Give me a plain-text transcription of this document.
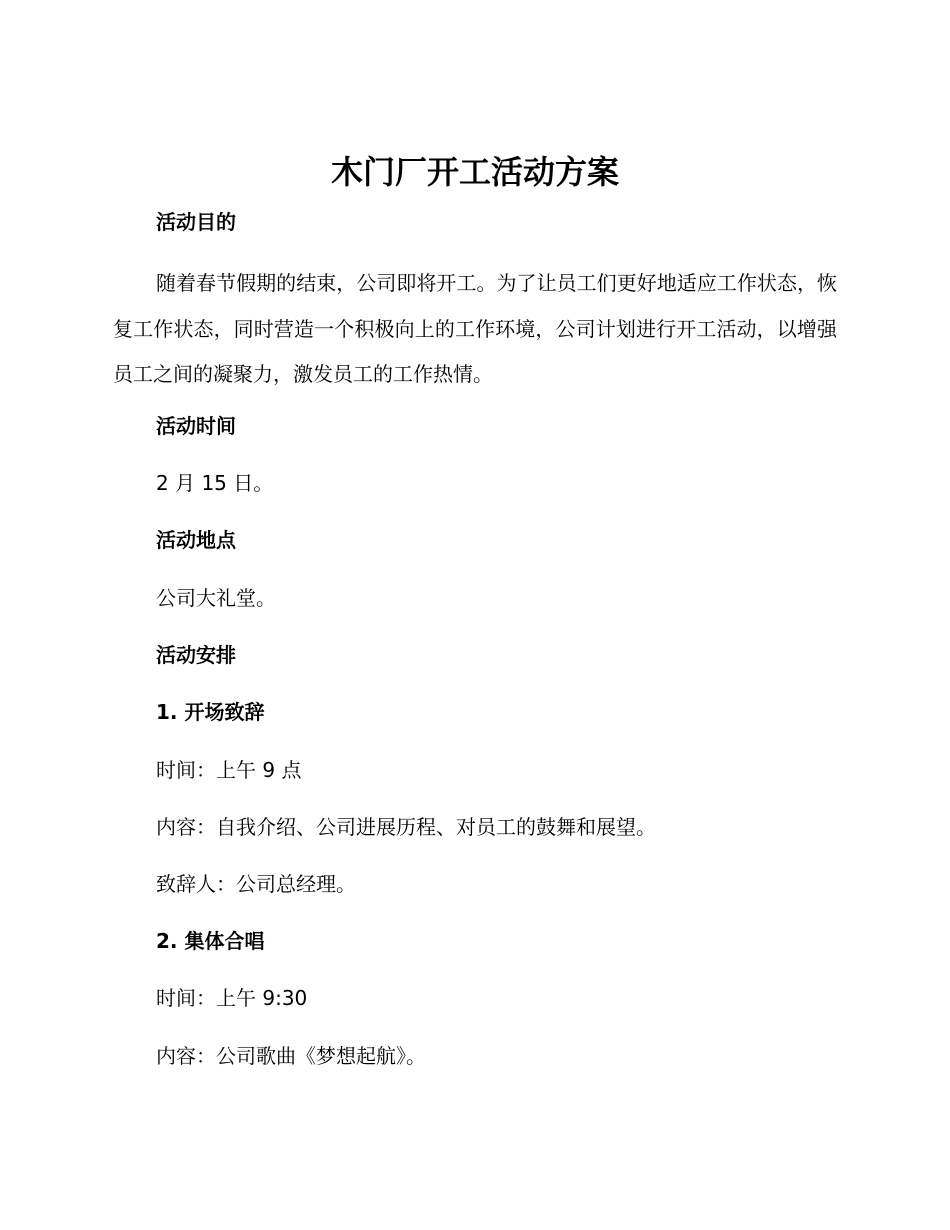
木门厂开工活动方案

活动目的

随着春节假期的结束，公司即将开工。为了让员工们更好地适应工作状态，恢复工作状态，同时营造一个积极向上的工作环境，公司计划进行开工活动，以增强员工之间的凝聚力，激发员工的工作热情。

活动时间

2 月 15 日。

活动地点

公司大礼堂。

活动安排

1. 开场致辞

时间：上午 9 点

内容：自我介绍、公司进展历程、对员工的鼓舞和展望。

致辞人：公司总经理。

2. 集体合唱

时间：上午 9:30

内容：公司歌曲《梦想起航》。
